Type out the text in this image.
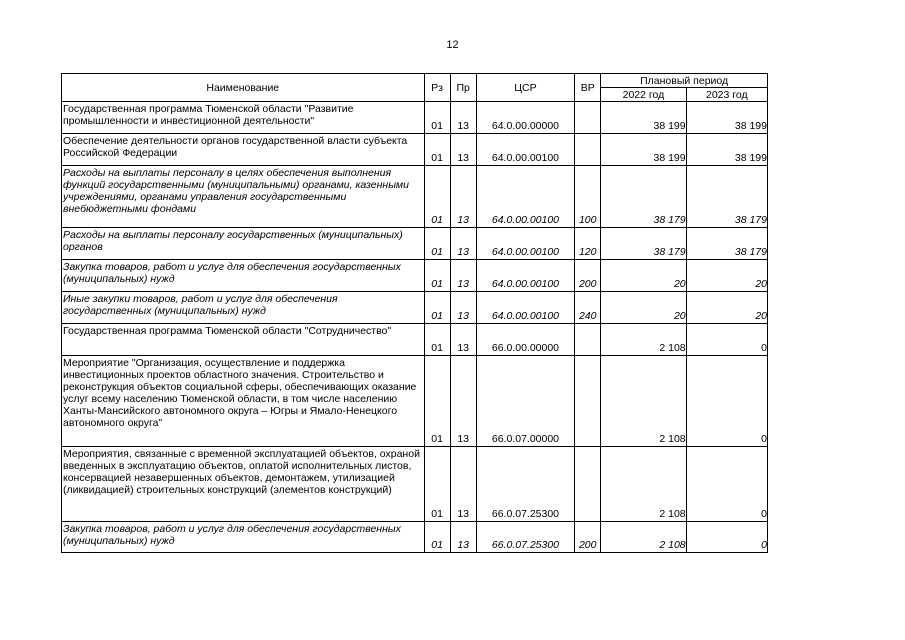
12
Наименование	Рз	Пр	ЦСР	ВР	Плановый период	
					2022 год	2023 год
Государственная программа Тюменской области "Развитие промышленности и инвестиционной деятельности"	01	13	64.0.00.00000		38 199	38 199
Обеспечение деятельности органов государственной власти субъекта Российской Федерации	01	13	64.0.00.00100		38 199	38 199
Расходы на выплаты персоналу в целях обеспечения выполнения функций государственными (муниципальными) органами, казенными учреждениями, органами управления государственными внебюджетными фондами	01	13	64.0.00.00100	100	38 179	38 179
Расходы на выплаты персоналу государственных (муниципальных) органов	01	13	64.0.00.00100	120	38 179	38 179
Закупка товаров, работ и услуг для обеспечения государственных (муниципальных) нужд	01	13	64.0.00.00100	200	20	20
Иные закупки товаров, работ и услуг для обеспечения государственных (муниципальных) нужд	01	13	64.0.00.00100	240	20	20
Государственная программа Тюменской области "Сотрудничество"	01	13	66.0.00.00000		2 108	0
Мероприятие "Организация, осуществление и поддержка инвестиционных проектов областного значения. Строительство и реконструкция объектов социальной сферы, обеспечивающих оказание услуг всему населению Тюменской области, в том числе населению Ханты-Мансийского автономного округа – Югры и Ямало-Ненецкого автономного округа"	01	13	66.0.07.00000		2 108	0
Мероприятия, связанные с временной эксплуатацией объектов, охраной введенных в эксплуатацию объектов, оплатой исполнительных листов, консервацией незавершенных объектов, демонтажем, утилизацией (ликвидацией) строительных конструкций (элементов конструкций)	01	13	66.0.07.25300		2 108	0
Закупка товаров, работ и услуг для обеспечения государственных (муниципальных) нужд	01	13	66.0.07.25300	200	2 108	0
